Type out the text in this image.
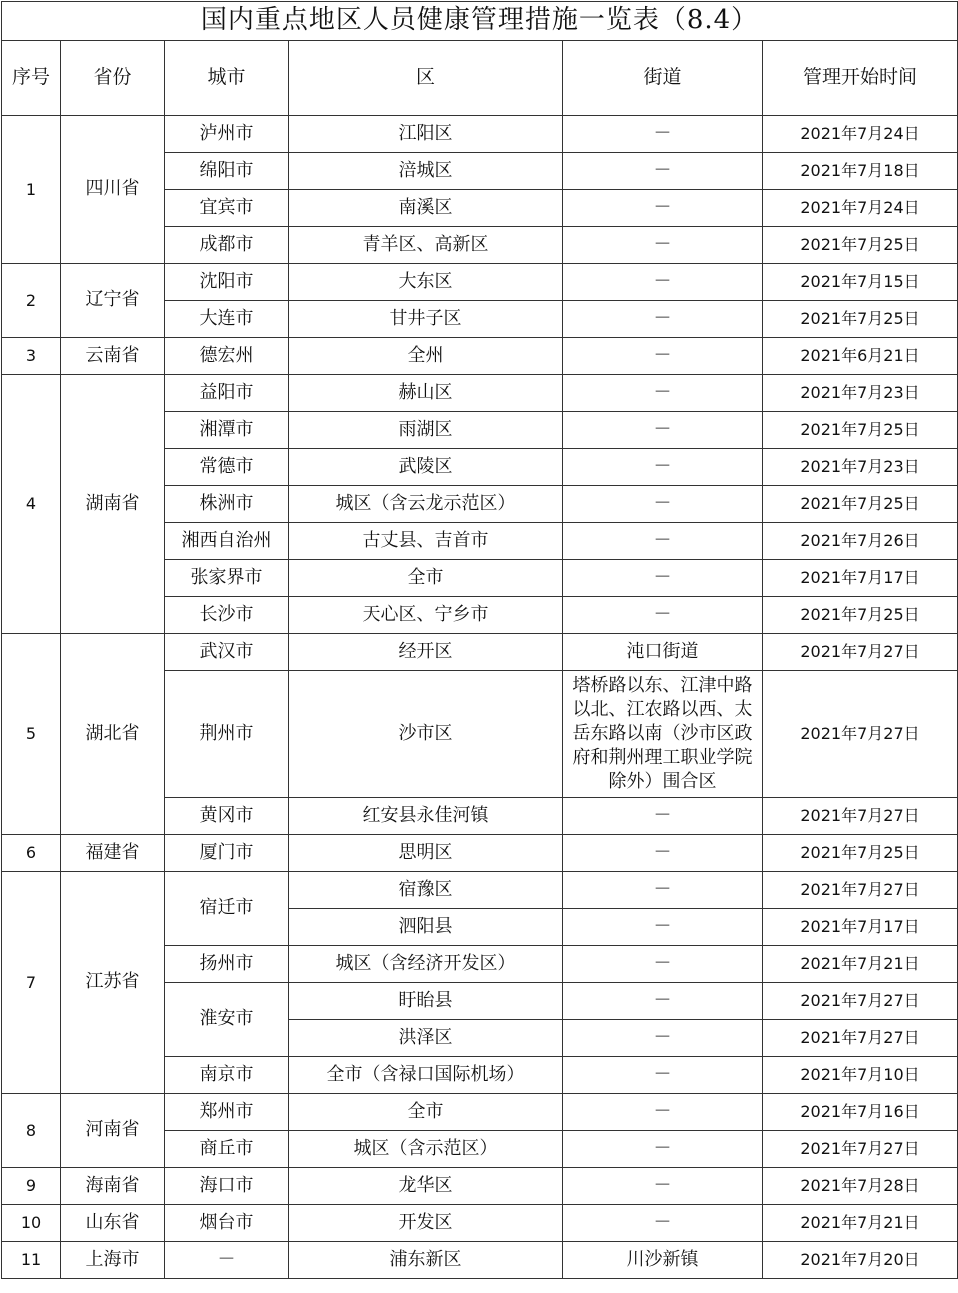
国内重点地区人员健康管理措施一览表（8.4）					
序号	省份	城市	区	街道	管理开始时间
1	四川省	泸州市	江阳区	－	2021年7月24日
		绵阳市	涪城区	－	2021年7月18日
		宜宾市	南溪区	－	2021年7月24日
		成都市	青羊区、高新区	－	2021年7月25日
2	辽宁省	沈阳市	大东区	－	2021年7月15日
		大连市	甘井子区	－	2021年7月25日
3	云南省	德宏州	全州	－	2021年6月21日
4	湖南省	益阳市	赫山区	－	2021年7月23日
		湘潭市	雨湖区	－	2021年7月25日
		常德市	武陵区	－	2021年7月23日
		株洲市	城区（含云龙示范区）	－	2021年7月25日
		湘西自治州	古丈县、吉首市	－	2021年7月26日
		张家界市	全市	－	2021年7月17日
		长沙市	天心区、宁乡市	－	2021年7月25日
5	湖北省	武汉市	经开区	沌口街道	2021年7月27日
		荆州市	沙市区	塔桥路以东、江津中路以北、江农路以西、太岳东路以南（沙市区政府和荆州理工职业学院除外）围合区	2021年7月27日
		黄冈市	红安县永佳河镇	－	2021年7月27日
6	福建省	厦门市	思明区	－	2021年7月25日
7	江苏省	宿迁市	宿豫区	－	2021年7月27日
			泗阳县	－	2021年7月17日
		扬州市	城区（含经济开发区）	－	2021年7月21日
		淮安市	盱眙县	－	2021年7月27日
			洪泽区	－	2021年7月27日
		南京市	全市（含禄口国际机场）	－	2021年7月10日
8	河南省	郑州市	全市	－	2021年7月16日
		商丘市	城区（含示范区）	－	2021年7月27日
9	海南省	海口市	龙华区	－	2021年7月28日
10	山东省	烟台市	开发区	－	2021年7月21日
11	上海市	－	浦东新区	川沙新镇	2021年7月20日
